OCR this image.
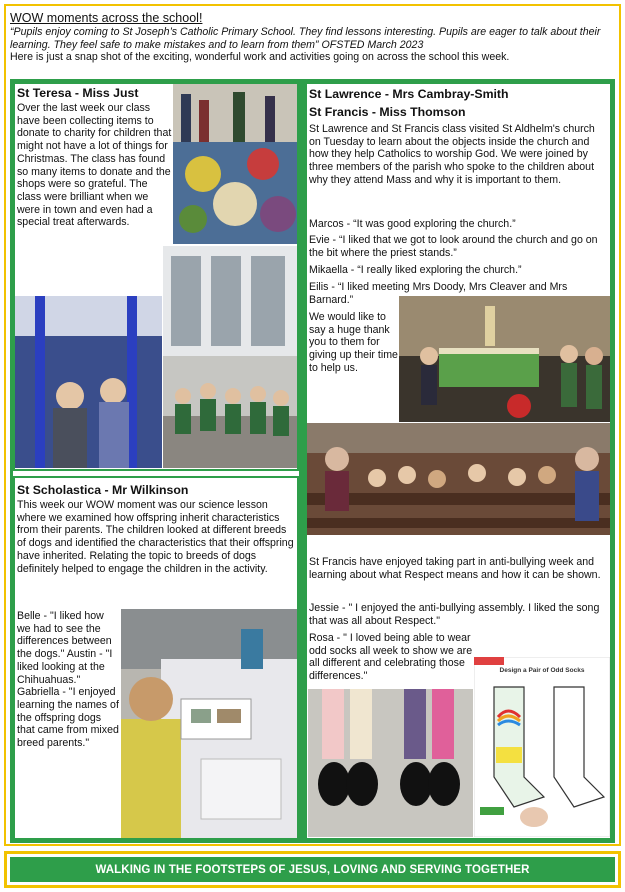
WOW moments across the school!
“Pupils enjoy coming to St Joseph’s Catholic Primary School. They find lessons interesting. Pupils are eager to talk about their learning. They feel safe to make mistakes and to learn from them” OFSTED March 2023
Here is just a snap shot of the exciting, wonderful work and activities going on across the school this week.
St Teresa - Miss Just
Over the last week our class have been collecting items to donate to charity for children that might not have a lot of things for Christmas. The class has found so many items to donate and the shops were so grateful. The class were brilliant when we were in town and even had a special treat afterwards.
St Scholastica - Mr Wilkinson
This week our WOW moment was our science lesson where we examined how offspring inherit characteristics from their parents. The children looked at different breeds of dogs and identified the characteristics that their offspring have inherited. Relating the topic to breeds of dogs definitely helped to engage the children in the activity.
Belle - "I liked how we had to see the differences between the dogs." Austin - "I liked looking at the Chihuahuas." Gabriella - "I enjoyed learning the names of the offspring dogs that came from mixed breed parents."
St Lawrence - Mrs Cambray-Smith
St Francis - Miss Thomson
St Lawrence and St Francis class visited St Aldhelm's church on Tuesday to learn about the objects inside the church and how they help Catholics to worship God. We were joined by three members of the parish who spoke to the children about why they attend Mass and why it is important to them.
Marcos - “It was good exploring the church.”
Evie - “I liked that we got to look around the church and go on the bit where the priest stands.”
Mikaella - “I really liked exploring the church.”
Eilis - “I liked meeting Mrs Doody, Mrs Cleaver and Mrs Barnard.”
We would like to say a huge thank you to them for giving up their time to help us.
St Francis have enjoyed taking part in anti-bullying week and learning about what Respect means and how it can be shown.
Jessie - " I enjoyed the anti-bullying assembly. I liked the song that was all about Respect."
Rosa - " I loved being able to wear odd socks all week to show we are all different and celebrating those differences."	Design a Pair of Odd Socks
WALKING IN THE FOOTSTEPS OF JESUS, LOVING AND SERVING TOGETHER
